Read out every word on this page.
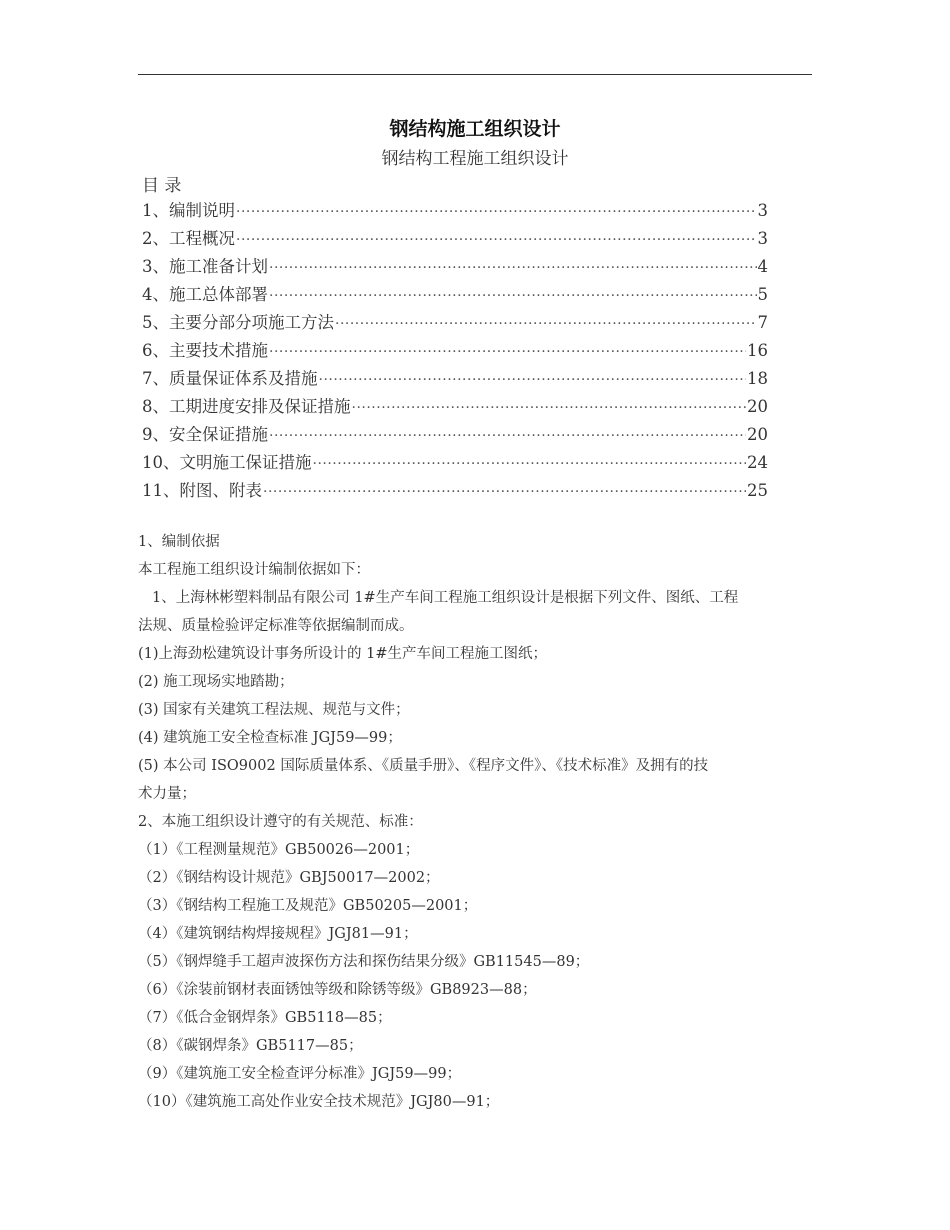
钢结构施工组织设计
钢结构工程施工组织设计
目 录
1、编制说明 ·····	3
2、工程概况 ·····	3
3、施工准备计划 ·····	4
4、施工总体部署 ·····	5
5、主要分部分项施工方法 ·····	7
6、主要技术措施 ·····	16
7、质量保证体系及措施 ·····	18
8、工期进度安排及保证措施 ·····	20
9、安全保证措施 ·····	20
10、文明施工保证措施 ·····	24
11、附图、附表 ·····	25

1、编制依据

本工程施工组织设计编制依据如下：

1、上海林彬塑料制品有限公司 1#生产车间工程施工组织设计是根据下列文件、图纸、工程

法规、质量检验评定标准等依据编制而成。

(1)上海劲松建筑设计事务所设计的 1#生产车间工程施工图纸；

(2) 施工现场实地踏勘；

(3) 国家有关建筑工程法规、规范与文件；

(4) 建筑施工安全检查标准 JGJ59—99；

(5) 本公司 ISO9002 国际质量体系、《质量手册》、《程序文件》、《技术标准》及拥有的技

术力量；

2、本施工组织设计遵守的有关规范、标准：

（1）《工程测量规范》GB50026—2001；

（2）《钢结构设计规范》GBJ50017—2002；

（3）《钢结构工程施工及规范》GB50205—2001；

（4）《建筑钢结构焊接规程》JGJ81—91；

（5）《钢焊缝手工超声波探伤方法和探伤结果分级》GB11545—89；

（6）《涂装前钢材表面锈蚀等级和除锈等级》GB8923—88；

（7）《低合金钢焊条》GB5118—85；

（8）《碳钢焊条》GB5117—85；

（9）《建筑施工安全检查评分标准》JGJ59—99；

（10）《建筑施工高处作业安全技术规范》JGJ80—91；
